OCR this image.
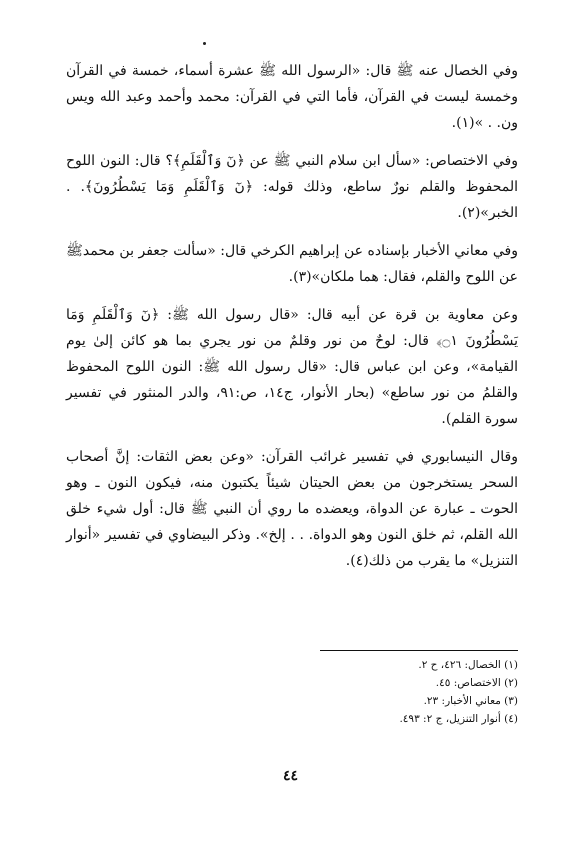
وفي الخصال عنه ﷺ قال: «الرسول الله ﷺ عشرة أسماء، خمسة في القرآن وخمسة ليست في القرآن، فأما التي في القرآن: محمد وأحمد وعبد الله ويس ون. . »(١).

وفي الاختصاص: «سأل ابن سلام النبي ﷺ عن ﴿نٓ وَٱلْقَلَمِ﴾؟ قال: النون اللوح المحفوظ والقلم نورٌ ساطع، وذلك قوله: ﴿نٓ وَٱلْقَلَمِ وَمَا يَسْطُرُونَ﴾. . الخبر»(٢).

وفي معاني الأخبار بإسناده عن إبراهيم الكرخي قال: «سألت جعفر بن محمدﷺ عن اللوح والقلم، فقال: هما ملكان»(٣).

وعن معاوية بن قرة عن أبيه قال: «قال رسول الله ﷺ: ﴿نٓ وَٱلْقَلَمِ وَمَا يَسْطُرُونَ ۝١﴾ قال: لوحٌ من نور وقلمٌ من نور يجري بما هو كائن إلىٰ يوم القيامة»، وعن ابن عباس قال: «قال رسول الله ﷺ: النون اللوح المحفوظ والقلمُ من نور ساطع» (بحار الأنوار، ج١٤، ص:٩١، والدر المنثور في تفسير سورة القلم).

وقال النيسابوري في تفسير غرائب القرآن: «وعن بعض الثقات: إنَّ أصحاب السحر يستخرجون من بعض الحيتان شيئاً يكتبون منه، فيكون النون ـ وهو الحوت ـ عبارة عن الدواة، ويعضده ما روي أن النبي ﷺ قال: أول شيء خلق الله القلم، ثم خلق النون وهو الدواة. . . إلخ». وذكر البيضاوي في تفسير «أنوار التنزيل» ما يقرب من ذلك(٤).

(١) الخصال: ٤٢٦، ح ٢.
(٢) الاختصاص: ٤٥.
(٣) معاني الأخبار: ٢٣.
(٤) أنوار التنزيل، ج ٢: ٤٩٣.
٤٤
